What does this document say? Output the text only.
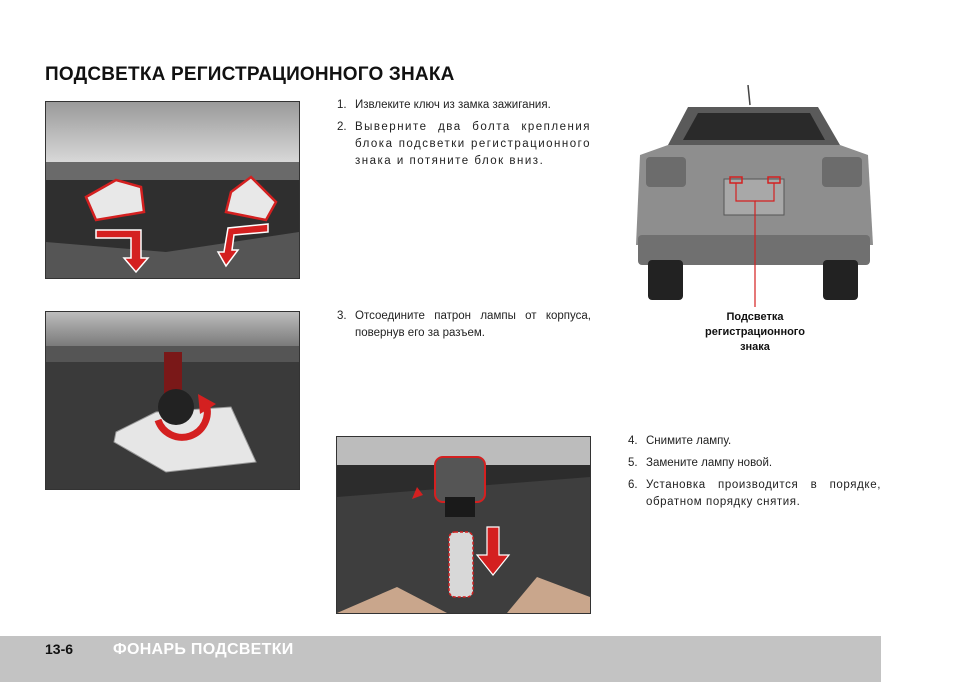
ПОДСВЕТКА РЕГИСТРАЦИОННОГО ЗНАКА
1. Извлеките ключ из замка зажигания.
2. Выверните два болта крепления блока подсветки регистрационного знака и потяните блок вниз.
Подсветка регистрационного знака
3. Отсоедините патрон лампы от корпуса, повернув его за разъем.
4. Снимите лампу.
5. Замените лампу новой.
6. Установка производится в порядке, обратном порядку снятия.
13-6 ФОНАРЬ ПОДСВЕТКИ
